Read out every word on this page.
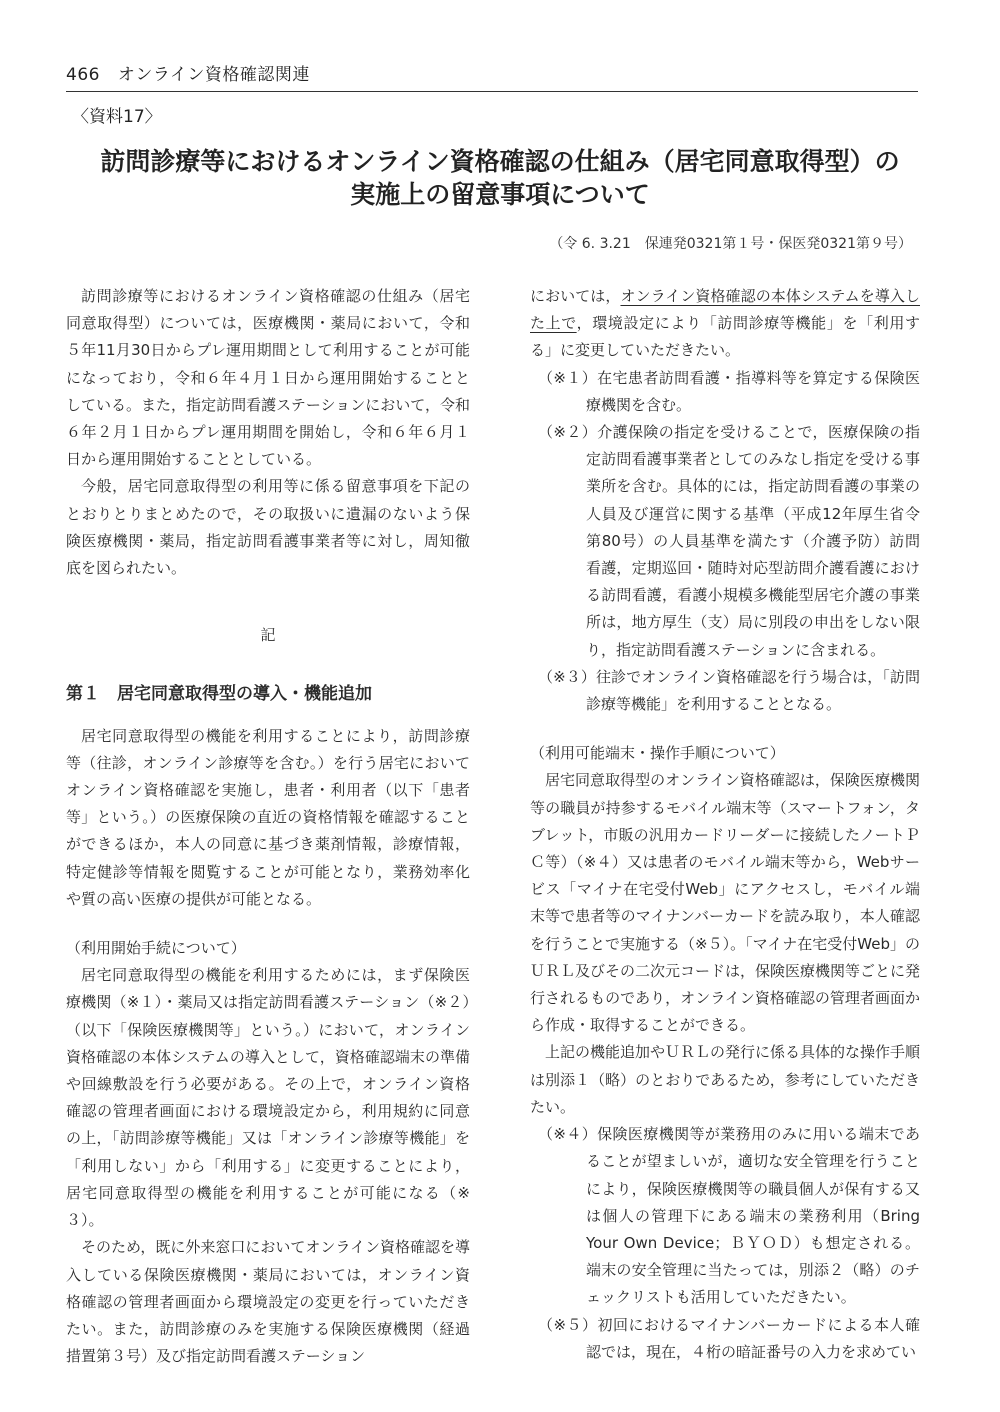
466 オンライン資格確認関連
〈資料17〉
訪問診療等におけるオンライン資格確認の仕組み（居宅同意取得型）の
実施上の留意事項について
（令 6. 3.21　保連発0321第１号・保医発0321第９号）

訪問診療等におけるオンライン資格確認の仕組み（居宅同意取得型）については，医療機関・薬局において，令和５年11月30日からプレ運用期間として利用することが可能になっており，令和６年４月１日から運用開始することとしている。また，指定訪問看護ステーションにおいて，令和６年２月１日からプレ運用期間を開始し，令和６年６月１日から運用開始することとしている。

今般，居宅同意取得型の利用等に係る留意事項を下記のとおりとりまとめたので，その取扱いに遺漏のないよう保険医療機関・薬局，指定訪問看護事業者等に対し，周知徹底を図られたい。

記

第１　居宅同意取得型の導入・機能追加

居宅同意取得型の機能を利用することにより，訪問診療等（往診，オンライン診療等を含む。）を行う居宅においてオンライン資格確認を実施し，患者・利用者（以下「患者等」という。）の医療保険の直近の資格情報を確認することができるほか，本人の同意に基づき薬剤情報，診療情報，特定健診等情報を閲覧することが可能となり，業務効率化や質の高い医療の提供が可能となる。

（利用開始手続について）

居宅同意取得型の機能を利用するためには，まず保険医療機関（※１）・薬局又は指定訪問看護ステーション（※２）（以下「保険医療機関等」という。）において，オンライン資格確認の本体システムの導入として，資格確認端末の準備や回線敷設を行う必要がある。その上で，オンライン資格確認の管理者画面における環境設定から，利用規約に同意の上，「訪問診療等機能」又は「オンライン診療等機能」を「利用しない」から「利用する」に変更することにより，居宅同意取得型の機能を利用することが可能になる（※３）。

そのため，既に外来窓口においてオンライン資格確認を導入している保険医療機関・薬局においては，オンライン資格確認の管理者画面から環境設定の変更を行っていただきたい。また，訪問診療のみを実施する保険医療機関（経過措置第３号）及び指定訪問看護ステーション

においては，オンライン資格確認の本体システムを導入した上で，環境設定により「訪問診療等機能」を「利用する」に変更していただきたい。

（※１）在宅患者訪問看護・指導料等を算定する保険医療機関を含む。

（※２）介護保険の指定を受けることで，医療保険の指定訪問看護事業者としてのみなし指定を受ける事業所を含む。具体的には，指定訪問看護の事業の人員及び運営に関する基準（平成12年厚生省令第80号）の人員基準を満たす（介護予防）訪問看護，定期巡回・随時対応型訪問介護看護における訪問看護，看護小規模多機能型居宅介護の事業所は，地方厚生（支）局に別段の申出をしない限り，指定訪問看護ステーションに含まれる。

（※３）往診でオンライン資格確認を行う場合は，「訪問診療等機能」を利用することとなる。

（利用可能端末・操作手順について）

居宅同意取得型のオンライン資格確認は，保険医療機関等の職員が持参するモバイル端末等（スマートフォン，タブレット，市販の汎用カードリーダーに接続したノートＰＣ等）（※４）又は患者のモバイル端末等から，Webサービス「マイナ在宅受付Web」にアクセスし，モバイル端末等で患者等のマイナンバーカードを読み取り，本人確認を行うことで実施する（※５）。「マイナ在宅受付Web」のＵＲＬ及びその二次元コードは，保険医療機関等ごとに発行されるものであり，オンライン資格確認の管理者画面から作成・取得することができる。

上記の機能追加やＵＲＬの発行に係る具体的な操作手順は別添１（略）のとおりであるため，参考にしていただきたい。

（※４）保険医療機関等が業務用のみに用いる端末であることが望ましいが，適切な安全管理を行うことにより，保険医療機関等の職員個人が保有する又は個人の管理下にある端末の業務利用（Bring Your Own Device；ＢＹＯＤ）も想定される。端末の安全管理に当たっては，別添２（略）のチェックリストも活用していただきたい。

（※５）初回におけるマイナンバーカードによる本人確認では，現在，４桁の暗証番号の入力を求めてい
